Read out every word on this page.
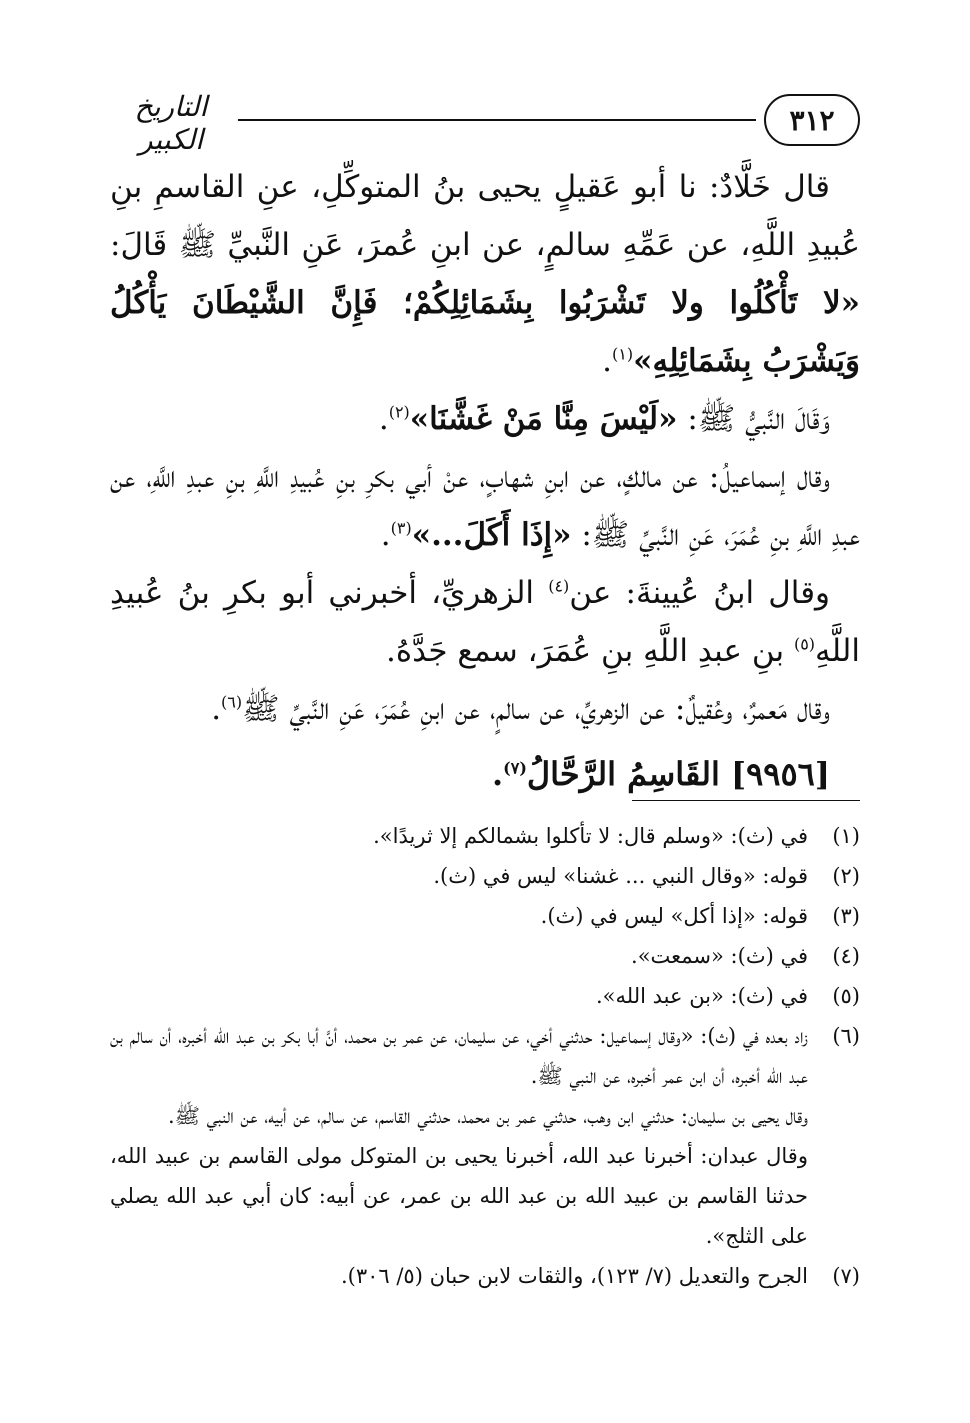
التاريخ الكبير
٣١٢

قال خَلَّادٌ: نا أبو عَقيلٍ يحيى بنُ المتوكِّلِ، عنِ القاسمِ بنِ عُبيدِ اللَّهِ، عن عَمِّهِ سالمٍ، عن ابنِ عُمرَ، عَنِ النَّبيِّ ﷺ قَالَ: «لا تَأْكُلُوا ولا تَشْرَبُوا بِشَمَائِلِكُمْ؛ فَإِنَّ الشَّيْطَانَ يَأْكُلُ وَيَشْرَبُ بِشَمَائِلِهِ»$^{(١)}$.

وَقَالَ النَّبيُّ ﷺ: «لَيْسَ مِنَّا مَنْ غَشَّنَا»$^{(٢)}$.

وقال إسماعيلُ: عن مالكٍ، عن ابنِ شهابٍ، عنْ أبي بكرِ بنِ عُبيدِ اللَّهِ بنِ عبدِ اللَّهِ، عن عبدِ اللَّهِ بنِ عُمَرَ، عَنِ النَّبيِّ ﷺ: «إِذَا أَكَلَ...»$^{(٣)}$.

وقال ابنُ عُيينةَ: عن$^{(٤)}$ الزهريِّ، أخبرني أبو بكرِ بنُ عُبيدِ اللَّهِ$^{(٥)}$ بنِ عبدِ اللَّهِ بنِ عُمَرَ، سمع جَدَّهُ.

وقال مَعمرٌ، وعُقيلٌ: عن الزهريِّ، عن سالمٍ، عن ابنِ عُمَرَ، عَنِ النَّبيِّ ﷺ$^{(٦)}$.

[٩٩٥٦] القَاسِمُ الرَّحَّالُ$^{(٧)}$.

(١)
في (ث): «وسلم قال: لا تأكلوا بشمالكم إلا ثريدًا».
(٢)
قوله: «وقال النبي ... غشنا» ليس في (ث).
(٣)
قوله: «إذا أكل» ليس في (ث).
(٤)
في (ث): «سمعت».
(٥)
في (ث): «بن عبد الله».
(٦)
زاد بعده في (ث): «وقال إسماعيل: حدثني أخي، عن سليمان، عن عمر بن محمد، أنَّ أبا بكر بن عبد الله أخبره، أن سالم بن عبد الله أخبره، أن ابن عمر أخبره، عن النبي ﷺ.
وقال يحيى بن سليمان: حدثني ابن وهب، حدثني عمر بن محمد، حدثني القاسم، عن سالم، عن أبيه، عن النبي ﷺ.
وقال عبدان: أخبرنا عبد الله، أخبرنا يحيى بن المتوكل مولى القاسم بن عبيد الله، حدثنا القاسم بن عبيد الله بن عبد الله بن عمر، عن أبيه: كان أبي عبد الله يصلي على الثلج».
(٧)
الجرح والتعديل (٧/ ١٢٣)، والثقات لابن حبان (٥/ ٣٠٦).
